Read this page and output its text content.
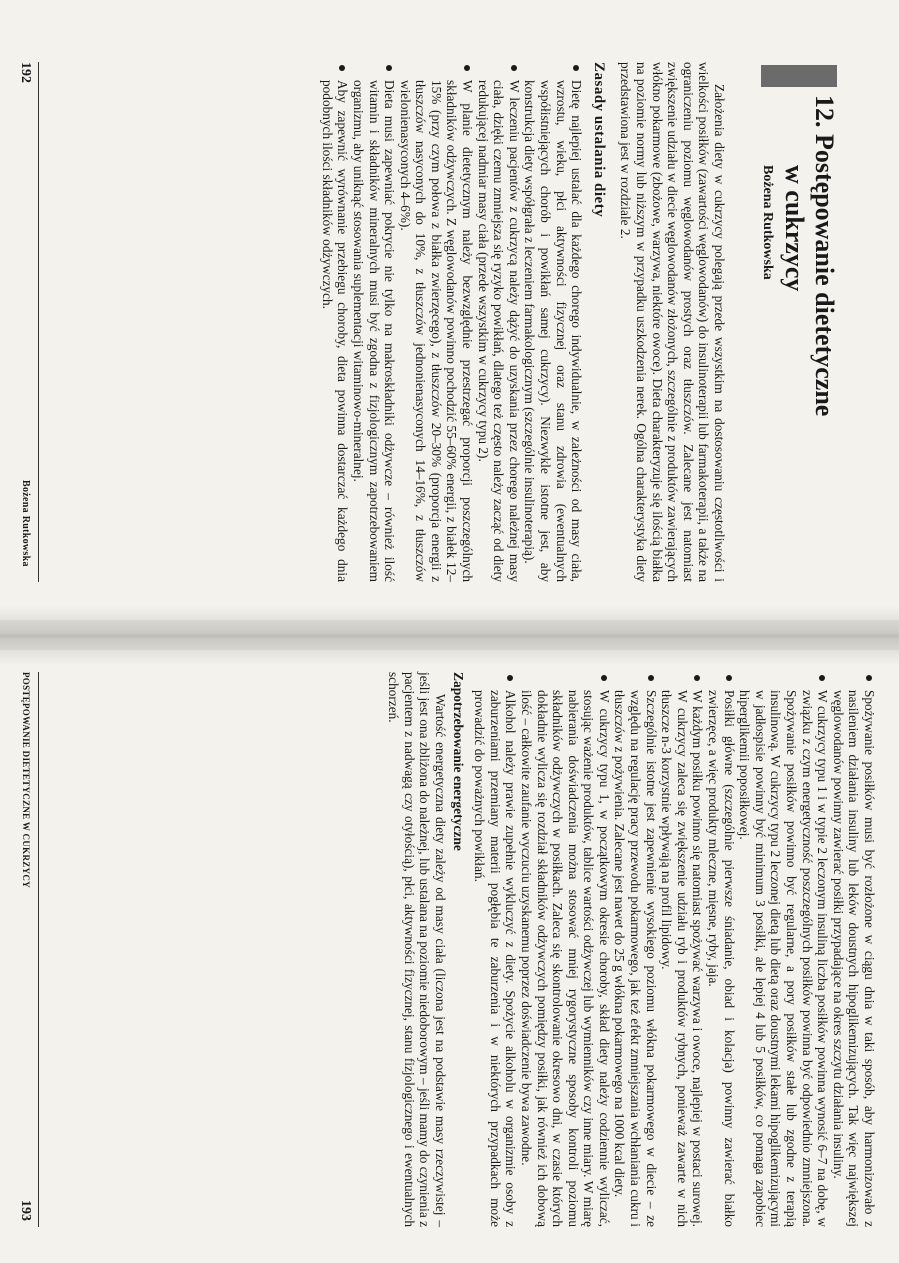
12. Postępowanie dietetyczne

w cukrzycy

Bożena Rutkowska

Założenia diety w cukrzycy polegają przede wszystkim na dostosowaniu częstotliwości i wielkości posiłków (zawartości węglowodanów) do insulinoterapii lub farmakoterapii, a także na ograniczeniu poziomu węglowodanów prostych oraz tłuszczów. Zalecane jest natomiast zwiększenie udziału w diecie węglowodanów złożonych, szczególnie z produktów zawierających włókno pokarmowe (zbożowe, warzywa, niektóre owoce). Dieta charakteryzuje się ilością białka na poziomie normy lub niższym w przypadku uszkodzenia nerek. Ogólna charakterystyka diety przedstawiona jest w rozdziale 2.

Zasady ustalania diety
Dietę najlepiej ustalać dla każdego chorego indywidualnie, w zależności od masy ciała, wzrostu, wieku, płci aktywności fizycznej oraz stanu zdrowia (ewentualnych współistniejących chorób i powikłań samej cukrzycy). Niezwykle istotne jest, aby konstrukcja diety współgrała z leczeniem farmakologicznym (szczególnie insulinoterapią).
W leczeniu pacjentów z cukrzycą należy dążyć do uzyskania przez chorego należnej masy ciała, dzięki czemu zmniejsza się ryzyko powikłań, dlatego też często należy zacząć od diety redukującej nadmiar masy ciała (przede wszystkim w cukrzycy typu 2).
W planie dietetycznym należy bezwzględnie przestrzegać proporcji poszczególnych składników odżywczych. Z węglowodanów powinno pochodzić 55–60% energii, z białek 12–15% (przy czym połowa z białka zwierzęcego), z tłuszczów 20–30% (proporcja energii z tłuszczów nasyconych do 10%, z tłuszczów jednonienasyconych 14–16%, z tłuszczów wielonienasyconych 4–6%).
Dieta musi zapewniać pokrycie nie tylko na makroskładniki odżywcze – również ilość witamin i składników mineralnych musi być zgodna z fizjologicznym zapotrzebowaniem organizmu, aby uniknąć stosowania suplementacji witaminowo-mineralnej.
Aby zapewnić wyrównanie przebiegu choroby, dieta powinna dostarczać każdego dnia podobnych ilości składników odżywczych.
192
Bożena Rutkowska
Spożywanie posiłków musi być rozłożone w ciągu dnia w taki sposób, aby harmonizowało z nasileniem działania insuliny lub leków doustnych hipoglikemizujących. Tak więc największej węglowodanów powinny zawierać posiłki przypadające na okres szczytu działania insuliny.
W cukrzycy typu 1 i w typie 2 leczonym insuliną liczba posiłków powinna wynosić 6–7 na dobę, w związku z czym energetyczność poszczególnych posiłków powinna być odpowiednio zmniejszona. Spożywanie posiłków powinno być regularne, a pory posiłków stałe lub zgodne z terapią insulinową. W cukrzycy typu 2 leczonej dietą lub dietą oraz doustnymi lekami hipoglikemizującymi w jadłospisie powinny być minimum 3 posiłki, ale lepiej 4 lub 5 posiłków, co pomaga zapobiec hiperglikemii poposiłkowej.
Posiłki główne (szczególnie pierwsze śniadanie, obiad i kolacja) powinny zawierać białko zwierzęce, a więc produkty mleczne, mięsne, ryby, jaja.
W każdym posiłku powinno się natomiast spożywać warzywa i owoce, najlepiej w postaci surowej. W cukrzycy zaleca się zwiększenie udziału ryb i produktów rybnych, ponieważ zawarte w nich tłuszcze n-3 korzystnie wpływają na profil lipidowy.
Szczególnie istotne jest zapewnienie wysokiego poziomu włókna pokarmowego w diecie – ze względu na regulację pracy przewodu pokarmowego, jak też efekt zmniejszania wchłaniania cukru i tłuszczów z pożywienia. Zalecane jest nawet do 25 g włókna pokarmowego na 1000 kcal diety.
W cukrzycy typu 1, w początkowym okresie choroby, skład diety należy codziennie wyliczać, stosując ważenie produktów, tablice wartości odżywczej lub wymienników czy inne miary. W miarę nabierania doświadczenia można stosować mniej rygorystyczne sposoby kontroli poziomu składników odżywczych w posiłkach. Zaleca się skontrolowanie okresowo dni, w czasie których dokładnie wylicza się rozdział składników odżywczych pomiędzy posiłki, jak również ich dobową ilość – całkowite zaufanie wyczuciu uzyskanemu poprzez doświadczenie bywa zawodne.
Alkohol należy prawie zupełnie wykluczyć z diety. Spożycie alkoholu w organizmie osoby z zaburzeniami przemiany materii pogłębia te zaburzenia i w niektórych przypadkach może prowadzić do poważnych powikłań.
Zapotrzebowanie energetyczne

Wartość energetyczna diety zależy od masy ciała (liczona jest na podstawie masy rzeczywistej – jeśli jest ona zbliżona do należnej, lub ustalana na poziomie niedoborowym – jeśli mamy do czynienia z pacjentem z nadwagą czy otyłością), płci, aktywności fizycznej, stanu fizjologicznego i ewentualnych schorzeń.

POSTĘPOWANIE DIETETYCZNE W CUKRZYCY
193
